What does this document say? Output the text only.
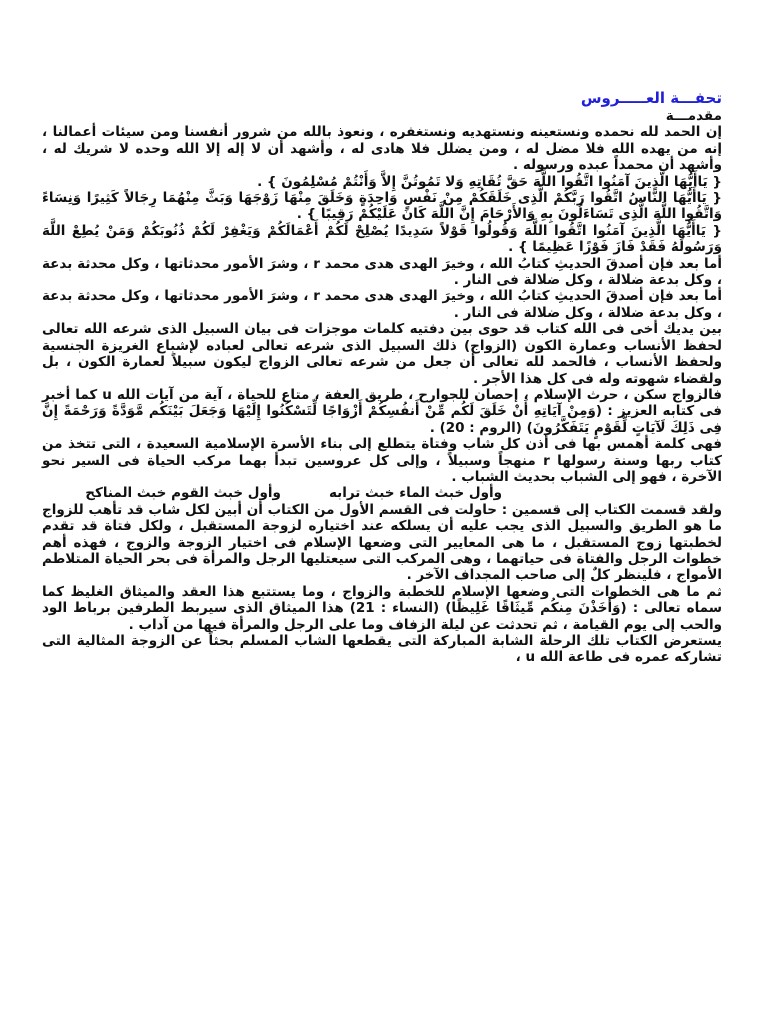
تحفـــة العـــــروس

مقدمـــة

إن الحمد لله نحمده ونستعينه ونستهديه ونستغفره ، ونعوذ بالله من شرور أنفسنا ومن سيئات أعمالنا ، إنه من يهده الله فلا مضل له ، ومن يضلل فلا هادى له ، وأشهد أن لا إله إلا الله وحده لا شريك له ، وأشهد أن محمداً عبده ورسوله .

{ يَاأَيُّهَا الَّذِينَ آمَنُوا اتَّقُوا اللَّهَ حَقَّ تُقَاتِهِ وَلا تَمُوتُنَّ إِلاَّ وَأَنْتُمْ مُسْلِمُونَ } .

{ يَاأَيُّهَا النَّاسُ اتَّقُوا رَبَّكُمْ الَّذِى خَلَقَكُمْ مِنْ نَفْسٍ وَاحِدَةٍ وَخَلَقَ مِنْهَا زَوْجَهَا وَبَثَّ مِنْهُمَا رِجَالاً كَثِيرًا وَنِسَاءً وَاتَّقُوا اللَّهَ الَّذِى تَسَاءَلُونَ بِهِ وَالأَرْحَامَ إِنَّ اللَّهَ كَانَ عَلَيْكُمْ رَقِيبًا } .

{ يَاأَيُّهَا الَّذِينَ آمَنُوا اتَّقُوا اللَّهَ وَقُولُوا قَوْلاً سَدِيدًا يُصْلِحْ لَكُمْ أَعْمَالَكُمْ وَيَغْفِرْ لَكُمْ ذُنُوبَكُمْ وَمَنْ يُطِعْ اللَّهَ وَرَسُولَهُ فَقَدْ فَازَ فَوْزًا عَظِيمًا } .

أما بعد فإن أصدقَ الحديثِ كتابُ الله ، وخيرَ الهدى هدى محمد r ، وشرَ الأمور محدثاتها ، وكل محدثة بدعة ، وكل بدعة ضلالة ، وكل ضلالة فى النار .

أما بعد فإن أصدقَ الحديثِ كتابُ الله ، وخيرَ الهدى هدى محمد r ، وشرَ الأمور محدثاتها ، وكل محدثة بدعة ، وكل بدعة ضلالة ، وكل ضلالة فى النار .

بين يديك أخى فى الله كتاب قد حوى بين دفتيه كلمات موجزات فى بيان السبيل الذى شرعه الله تعالى لحفظ الأنساب وعمارة الكون (الزواج) ذلك السبيل الذى شرعه تعالى لعباده لإشباع الغريزة الجنسية ولحفظ الأنساب ، فالحمد لله تعالى أن جعل من شرعه تعالى الزواج ليكون سبيلاً لعمارة الكون ، بل ولقضاء شهوته وله فى كل هذا الأجر .

فالزواج سكن ، حرث الإسلام ، إحصان للجوارح ، طريق العفة ، متاع للحياة ، آية من آيات الله u كما أخبر فى كتابه العزيز : (وَمِنْ آيَاتِهِ أَنْ خَلَقَ لَكُم مِّنْ أَنفُسِكُمْ أَزْوَاجًا لِّتَسْكُنُوا إِلَيْهَا وَجَعَلَ بَيْنَكُم مَّوَدَّةً وَرَحْمَةً إِنَّ فِى ذَلِكَ لَآيَاتٍ لِّقَوْمٍ يَتَفَكَّرُونَ) (الروم : 20) .

فهى كلمة أهمس بها فى أذن كل شاب وفتاة يتطلع إلى بناء الأسرة الإسلامية السعيدة ، التى تتخذ من كتاب ربها وسنة رسولها r منهجاً وسبيلاً ، وإلى كل عروسين تبدأ بهما مركب الحياة فى السير نحو الآخرة ، فهو إلى الشباب بحديث الشباب .

وأول خبث الماء خبث ترابه
وأول خبث القوم خبث المناكح

ولقد قسمت الكتاب إلى قسمين : حاولت فى القسم الأول من الكتاب أن أبين لكل شاب قد تأهب للزواج ما هو الطريق والسبيل الذى يجب عليه أن يسلكه عند اختياره لزوجة المستقبل ، ولكل فتاة قد تقدم لخطبتها زوج المستقبل ، ما هى المعايير التى وضعها الإسلام فى اختيار الزوجة والزوج ، فهذه أهم خطوات الرجل والفتاة فى حياتهما ، وهى المركب التى سيعتليها الرجل والمرأة فى بحر الحياة المتلاطم الأمواج ، فلينظر كلٌ إلى صاحب المجداف الآخر .

ثم ما هى الخطوات التى وضعها الإسلام للخطبة والزواج ، وما يستتبع هذا العقد والميثاق الغليظ كما سماه تعالى : (وَأَخَذْنَ مِنكُم مِّيثَاقًا غَلِيظًا) (النساء : 21) هذا الميثاق الذى سيربط الطرفين برباط الود والحب إلى يوم القيامة ، ثم تحدثت عن ليلة الزفاف وما على الرجل والمرأة فيها من آداب .

يستعرض الكتاب تلك الرحلة الشابة المباركة التى يقطعها الشاب المسلم بحثاً عن الزوجة المثالية التى تشاركه عمره فى طاعة الله u ،
